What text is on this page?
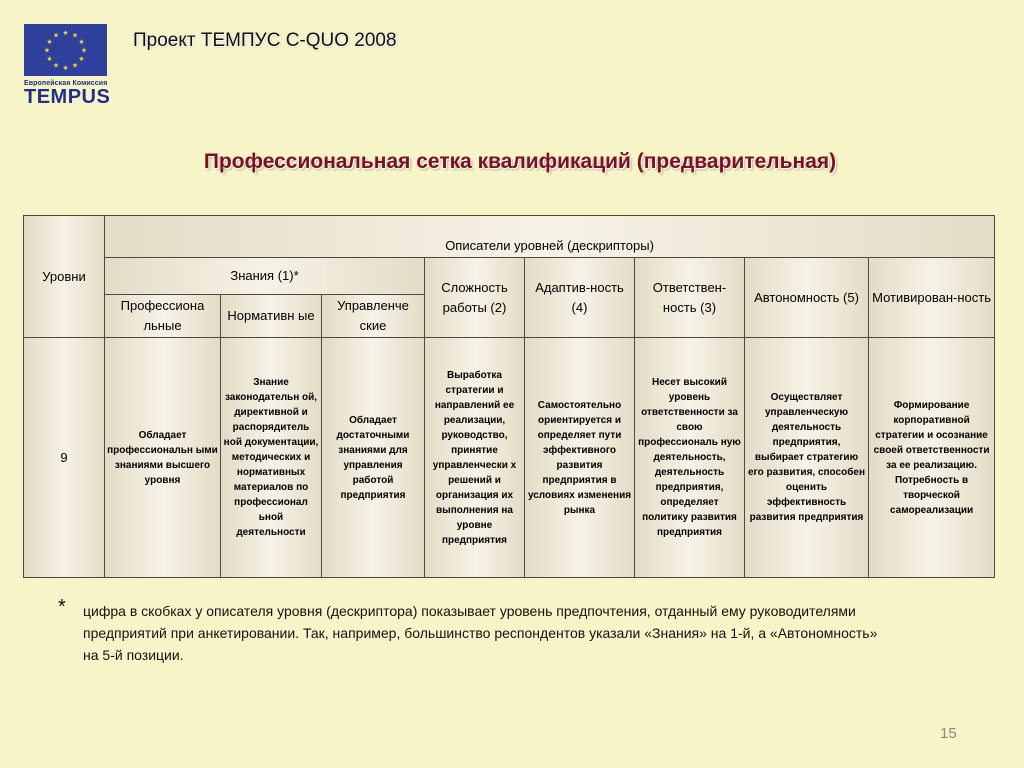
★ ★
★
★
★
★
★
★
★
★
★
★
Европейская Комиссия
TEMPUS
Проект ТЕМПУС C-QUO 2008
Профессиональная сетка квалификаций (предварительная)
Уровни	Описатели уровней (дескрипторы)							
	Знания (1)*			Сложность работы (2)	Адаптив-ность (4)	Ответствен-ность (3)	Автономность (5)	Мотивирован-ность
	Профессиона льные	Нормативн ые	Управленче ские					
9	Обладает профессиональн ыми знаниями высшего уровня	Знание законодательн ой, директивной и распорядитель ной документации, методических и нормативных материалов по профессионал ьной деятельности	Обладает достаточными знаниями для управления работой предприятия	Выработка стратегии и направлений ее реализации, руководство, принятие управленчески х решений и организация их выполнения на уровне предприятия	Самостоятельно ориентируется и определяет пути эффективного развития предприятия в условиях изменения рынка	Несет высокий уровень ответственности за свою профессиональ ную деятельность, деятельность предприятия, определяет политику развития предприятия	Осуществляет управленческую деятельность предприятия, выбирает стратегию его развития, способен оценить эффективность развития предприятия	Формирование корпоративной стратегии и осознание своей ответственности за ее реализацию. Потребность в творческой самореализации
* цифра в скобках у описателя уровня (дескриптора) показывает уровень предпочтения, отданный ему руководителями
предприятий при анкетировании. Так, например, большинство респондентов указали «Знания» на 1-й, а «Автономность»
на 5-й позиции.
15
